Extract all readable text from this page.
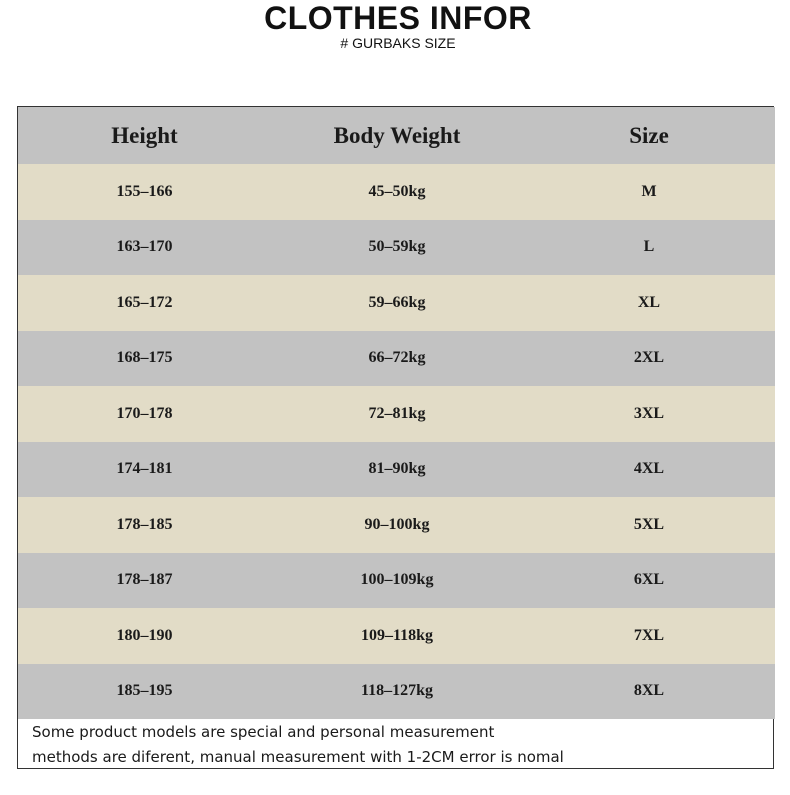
CLOTHES INFOR
# GURBAKS SIZE
Height	Body Weight	Size
155–166	45–50kg	M
163–170	50–59kg	L
165–172	59–66kg	XL
168–175	66–72kg	2XL
170–178	72–81kg	3XL
174–181	81–90kg	4XL
178–185	90–100kg	5XL
178–187	100–109kg	6XL
180–190	109–118kg	7XL
185–195	118–127kg	8XL
Some product models are special and personal measurement
methods are diferent, manual measurement with 1-2CM error is nomal
